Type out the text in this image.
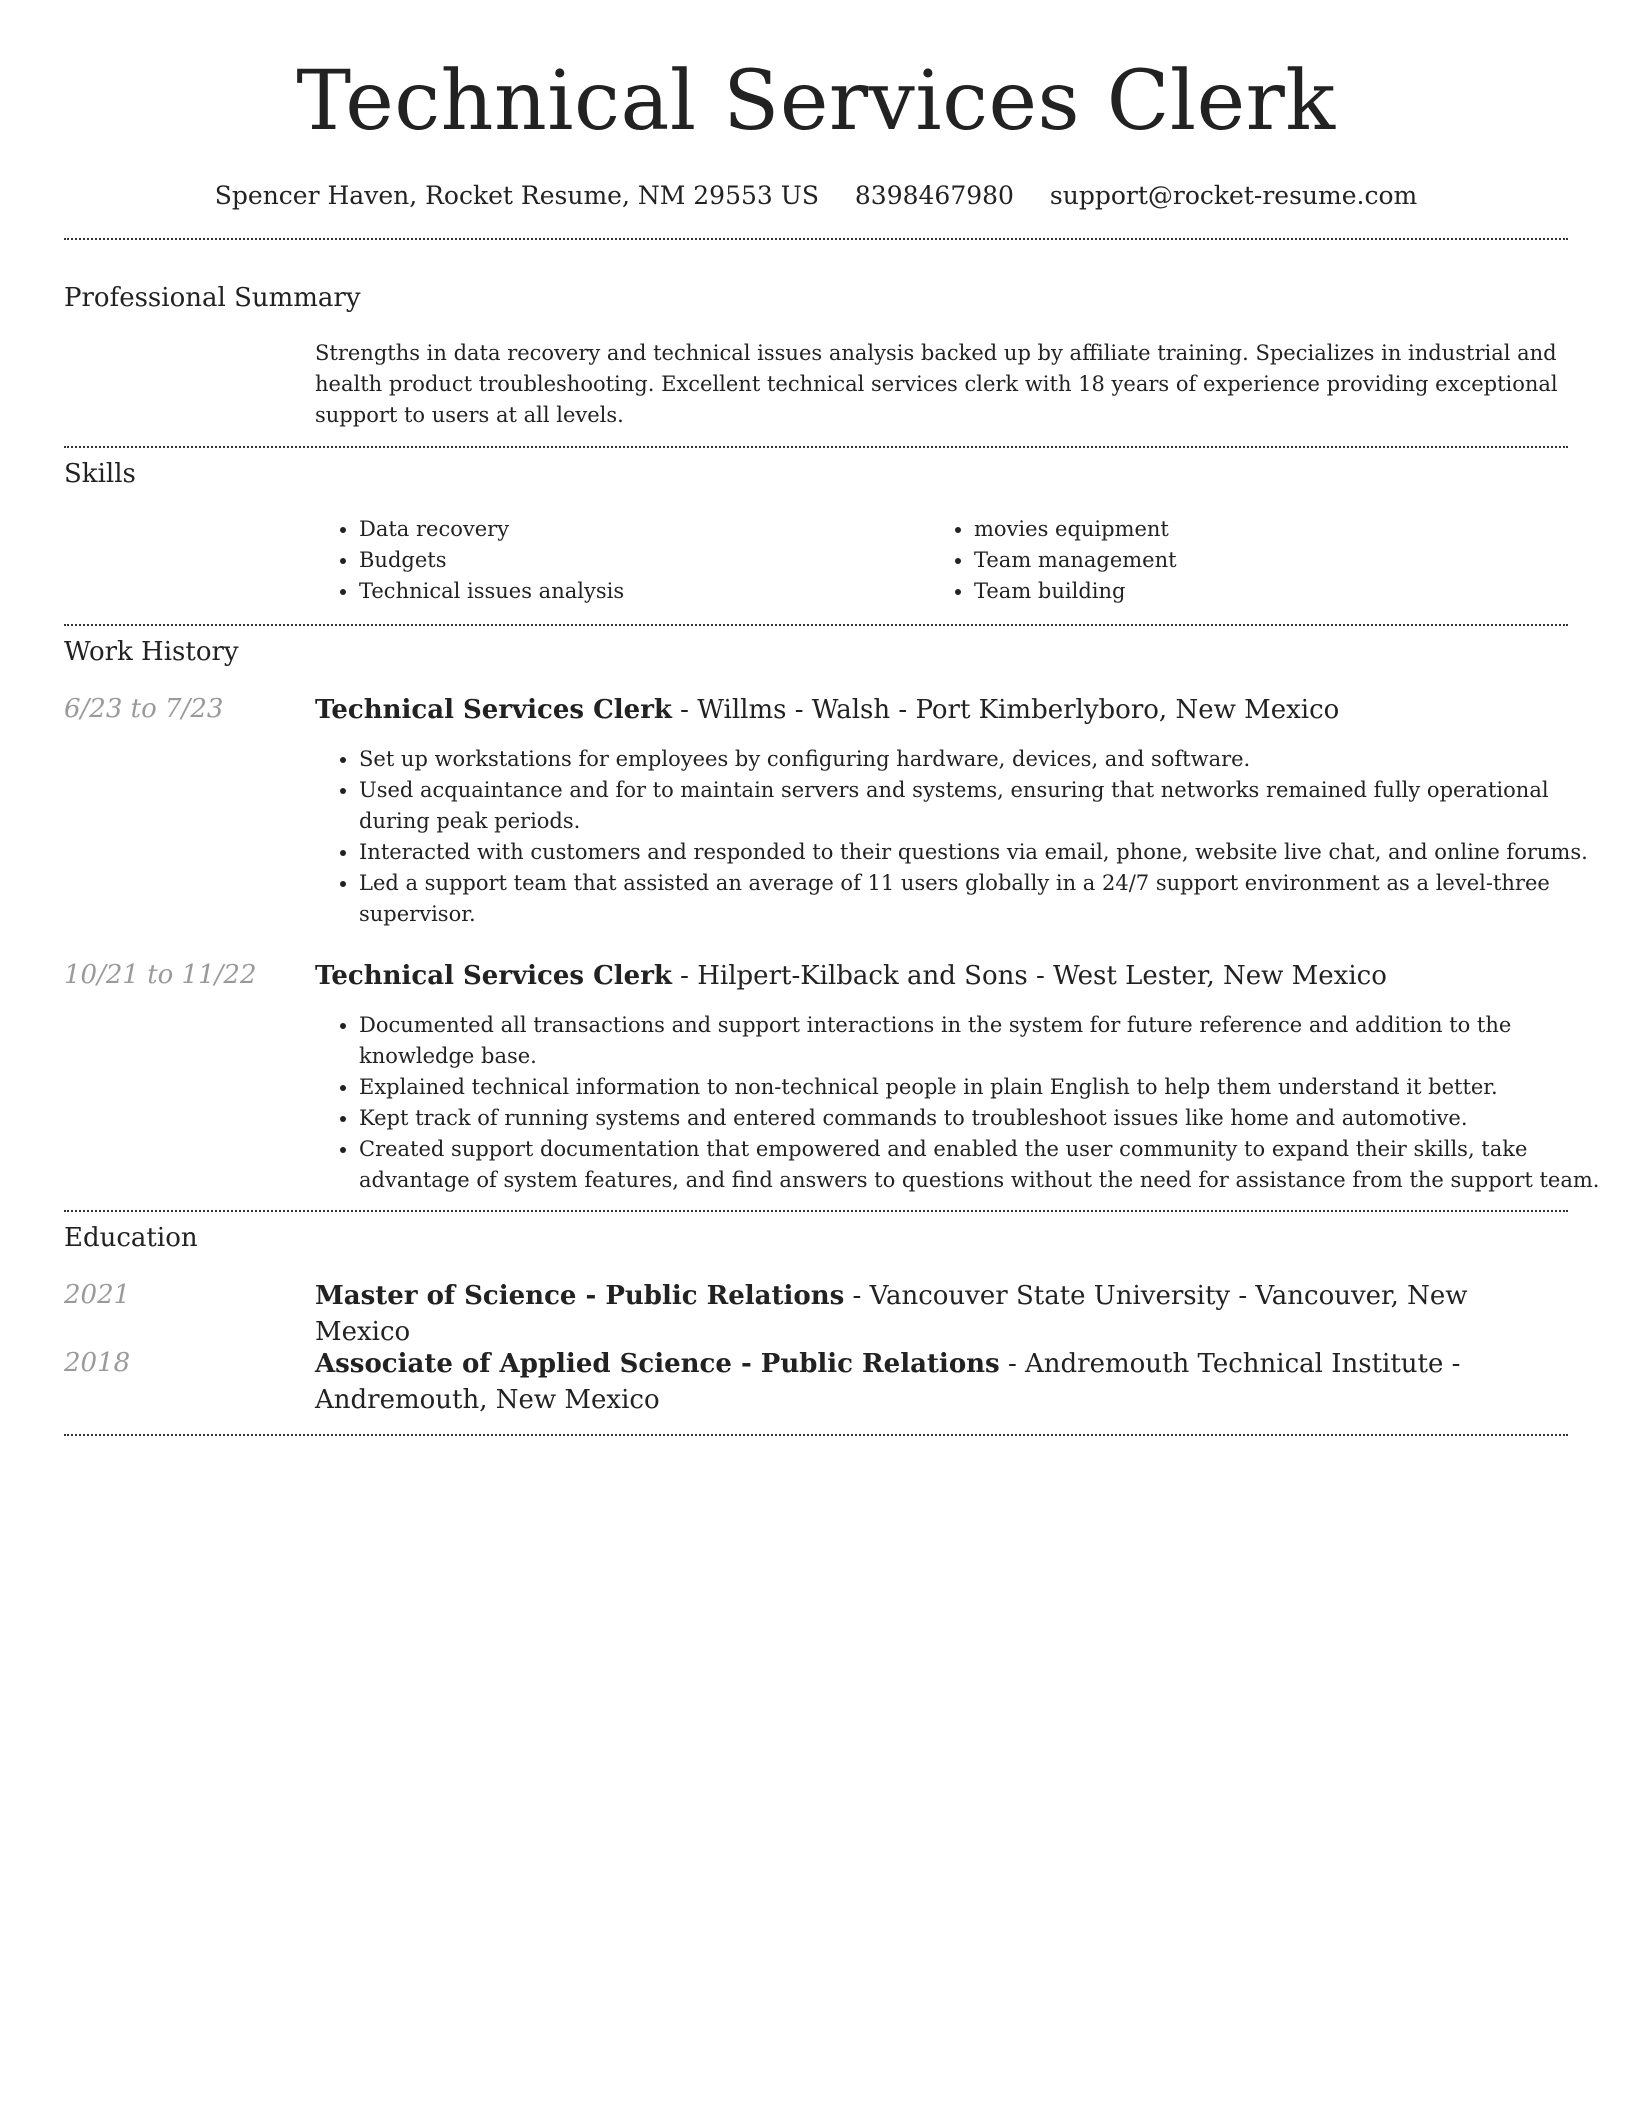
Technical Services Clerk
Spencer Haven, Rocket Resume, NM 29553 US 8398467980 support@rocket-resume.com
Professional Summary
Strengths in data recovery and technical issues analysis backed up by affiliate training. Specializes in industrial and health product troubleshooting. Excellent technical services clerk with 18 years of experience providing exceptional support to users at all levels.
Skills
• Data recovery
• Budgets
• Technical issues analysis
• movies equipment
• Team management
• Team building
Work History
6/23 to 7/23	Technical Services Clerk - Willms - Walsh - Port Kimberlyboro, New Mexico
• Set up workstations for employees by configuring hardware, devices, and software.
• Used acquaintance and for to maintain servers and systems, ensuring that networks remained fully operational during peak periods.
• Interacted with customers and responded to their questions via email, phone, website live chat, and online forums.
• Led a support team that assisted an average of 11 users globally in a 24/7 support environment as a level-three supervisor.
10/21 to 11/22 Technical Services Clerk - Hilpert-Kilback and Sons - West Lester, New Mexico
• Documented all transactions and support interactions in the system for future reference and addition to the knowledge base.
• Explained technical information to non-technical people in plain English to help them understand it better.
• Kept track of running systems and entered commands to troubleshoot issues like home and automotive.
• Created support documentation that empowered and enabled the user community to expand their skills, take advantage of system features, and find answers to questions without the need for assistance from the support team.
Education
2021	Master of Science - Public Relations - Vancouver State University - Vancouver, New Mexico
2018	Associate of Applied Science - Public Relations - Andremouth Technical Institute - Andremouth, New Mexico
